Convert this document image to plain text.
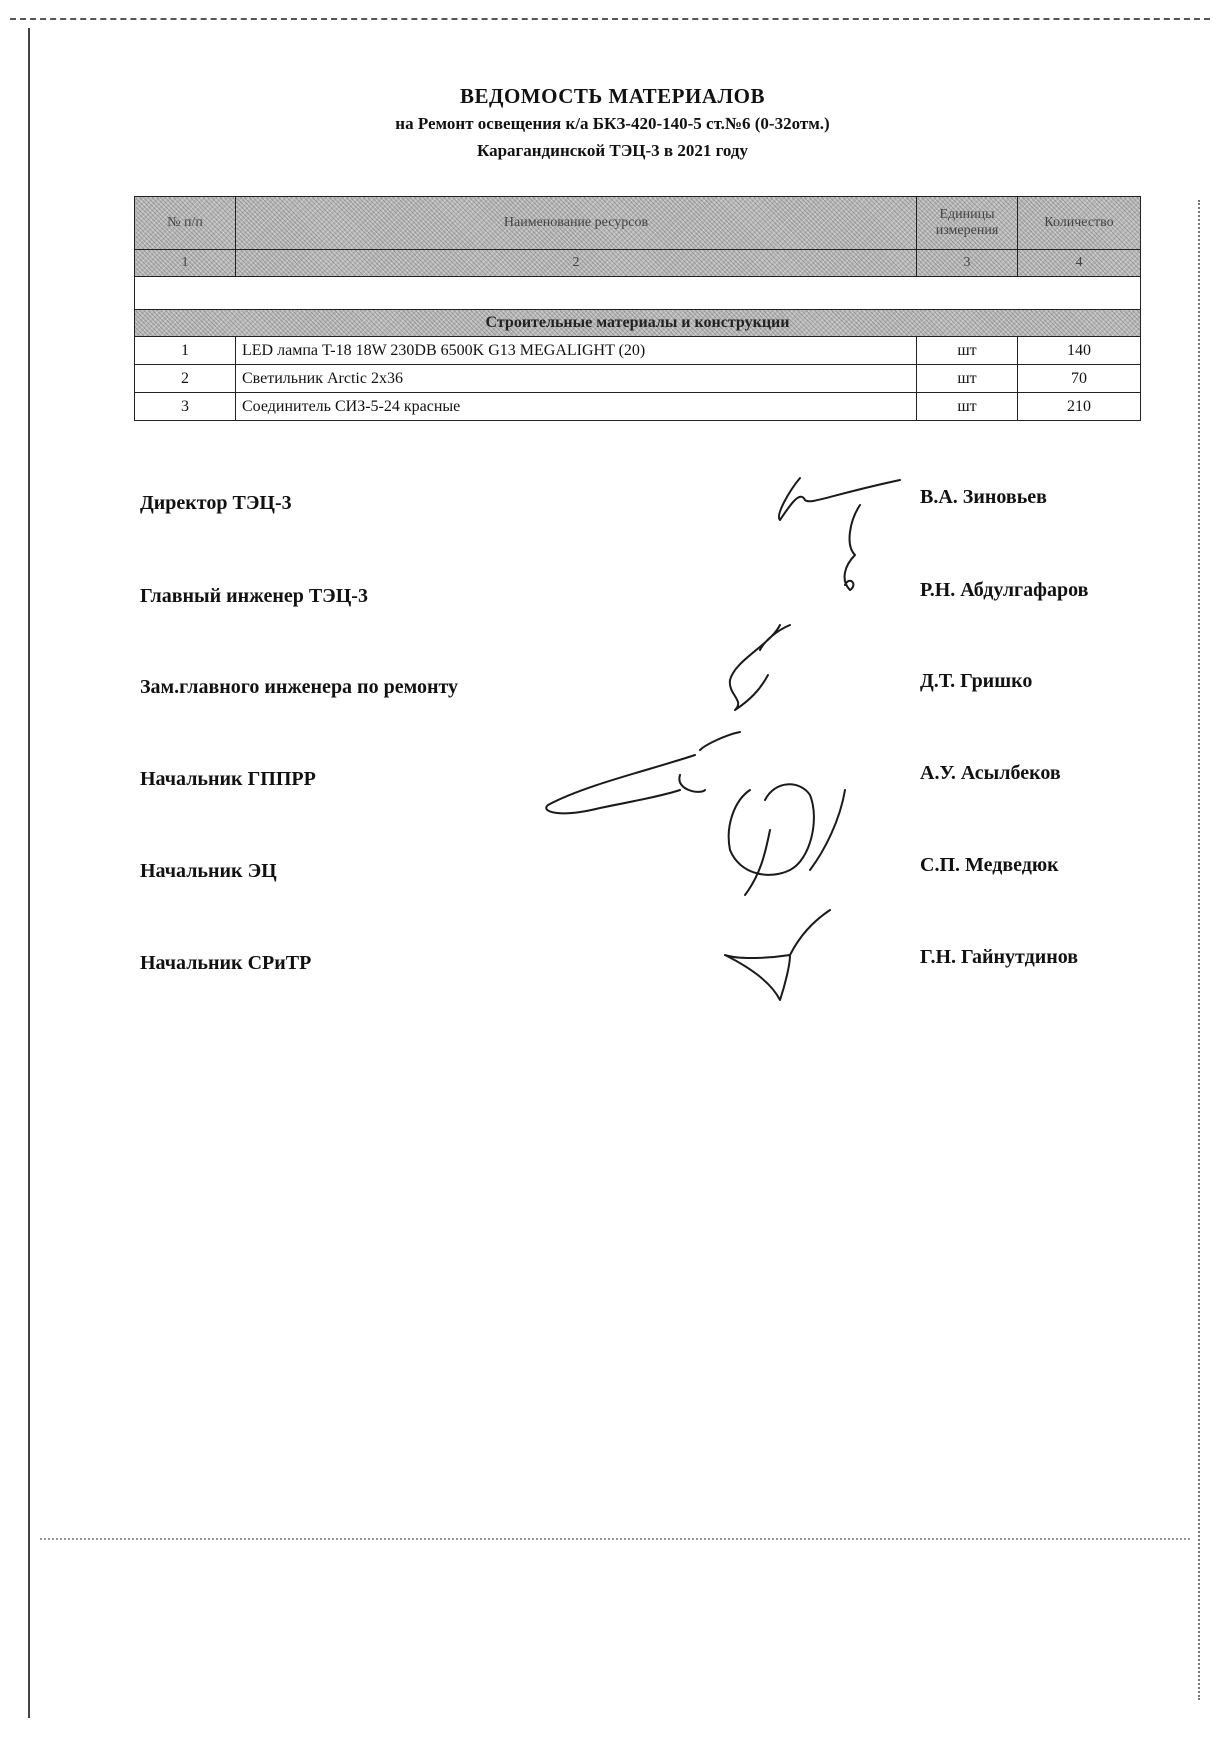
ВЕДОМОСТЬ МАТЕРИАЛОВ
на Ремонт освещения к/а БКЗ-420-140-5 ст.№6 (0-32отм.)
Карагандинской ТЭЦ-3 в 2021 году
№ п/п	Наименование ресурсов	Единицы измерения	Количество
1	2	3	4

Строительные материалы и конструкции			
1	LED лампа T-18 18W 230DB 6500K G13 MEGALIGHT (20)	шт	140
2	Светильник Arctic 2x36	шт	70
3	Соединитель СИЗ-5-24 красные	шт	210
Директор ТЭЦ-3	В.А. Зиновьев
Главный инженер ТЭЦ-3	Р.Н. Абдулгафаров
Зам.главного инженера по ремонту	Д.Т. Гришко
Начальник ГППРР	А.У. Асылбеков
Начальник ЭЦ	С.П. Медведюк
Начальник СРиТР	Г.Н. Гайнутдинов
